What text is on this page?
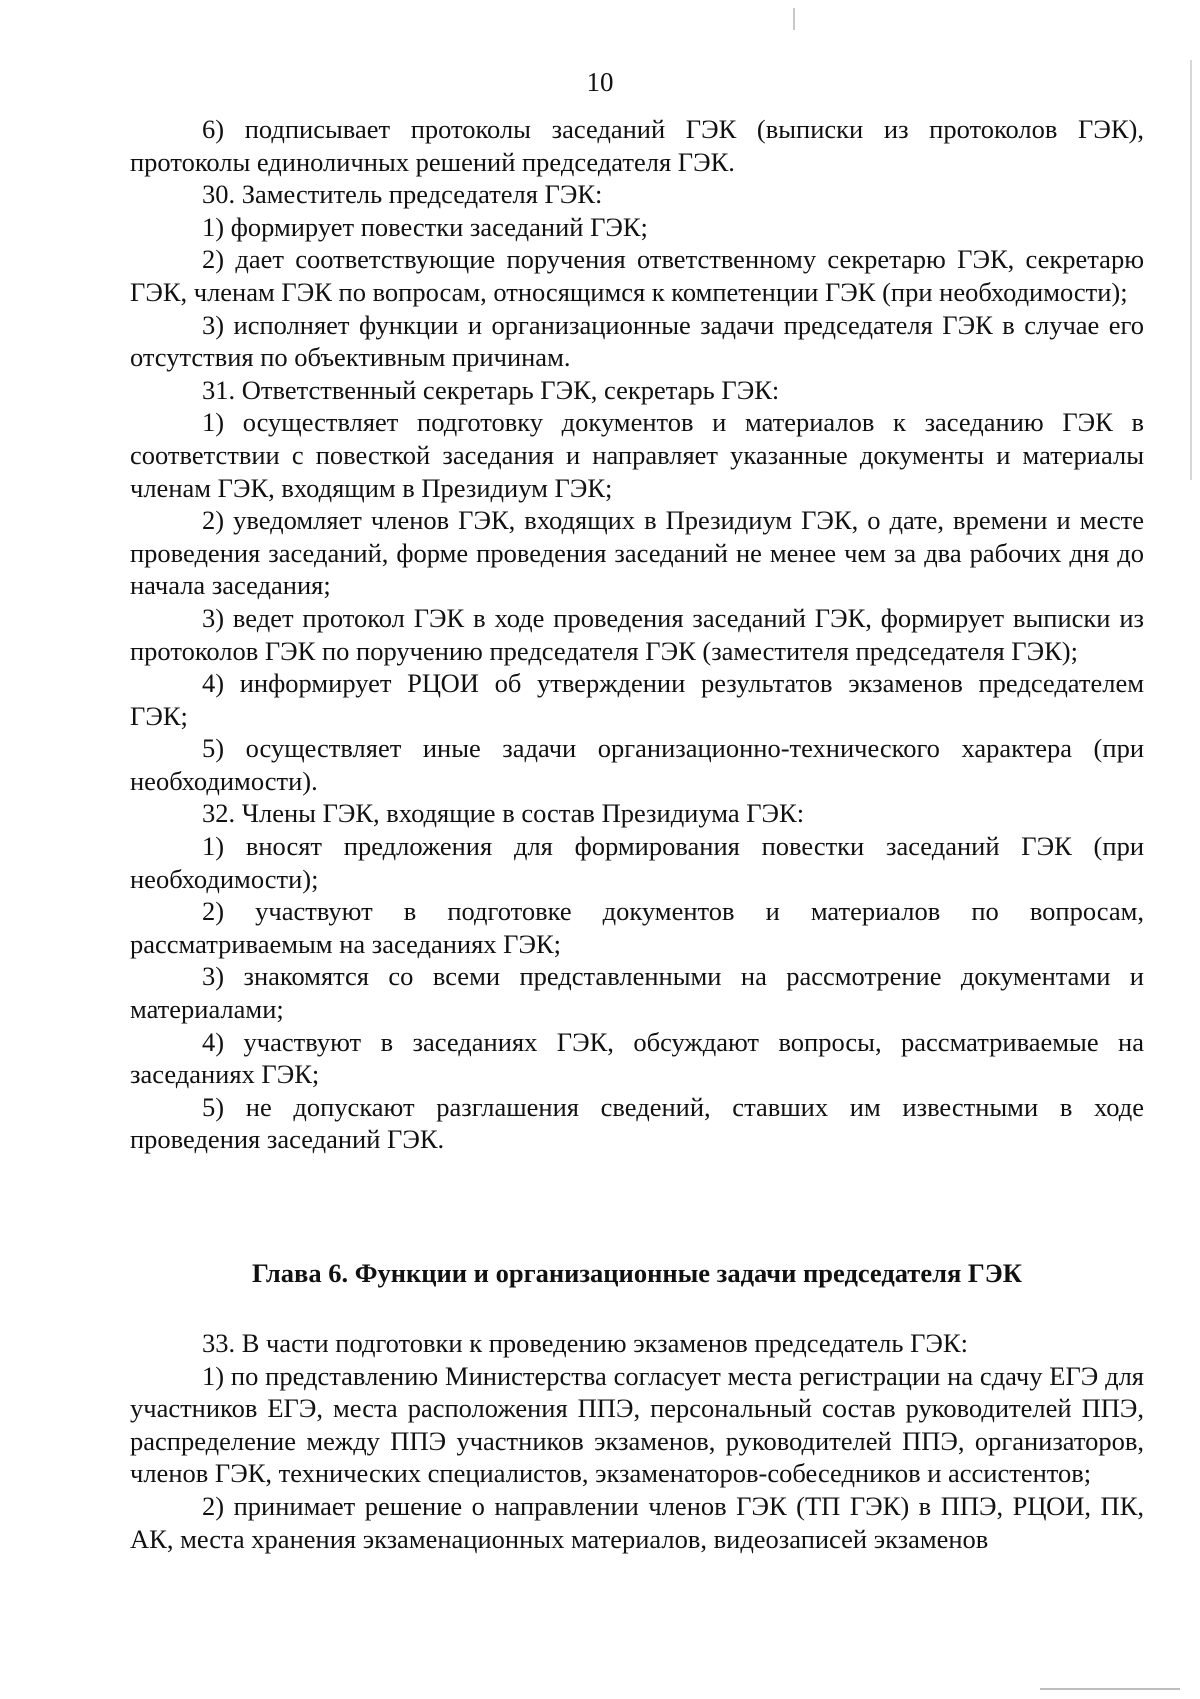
10

6) подписывает протоколы заседаний ГЭК (выписки из протоколов ГЭК), протоколы единоличных решений председателя ГЭК.

30. Заместитель председателя ГЭК:

1) формирует повестки заседаний ГЭК;

2) дает соответствующие поручения ответственному секретарю ГЭК, секретарю ГЭК, членам ГЭК по вопросам, относящимся к компетенции ГЭК (при необходимости);

3) исполняет функции и организационные задачи председателя ГЭК в случае его отсутствия по объективным причинам.

31. Ответственный секретарь ГЭК, секретарь ГЭК:

1) осуществляет подготовку документов и материалов к заседанию ГЭК в соответствии с повесткой заседания и направляет указанные документы и материалы членам ГЭК, входящим в Президиум ГЭК;

2) уведомляет членов ГЭК, входящих в Президиум ГЭК, о дате, времени и месте проведения заседаний, форме проведения заседаний не менее чем за два рабочих дня до начала заседания;

3) ведет протокол ГЭК в ходе проведения заседаний ГЭК, формирует выписки из протоколов ГЭК по поручению председателя ГЭК (заместителя председателя ГЭК);

4) информирует РЦОИ об утверждении результатов экзаменов председателем ГЭК;

5) осуществляет иные задачи организационно-технического характера (при необходимости).

32. Члены ГЭК, входящие в состав Президиума ГЭК:

1) вносят предложения для формирования повестки заседаний ГЭК (при необходимости);

2) участвуют в подготовке документов и материалов по вопросам, рассматриваемым на заседаниях ГЭК;

3) знакомятся со всеми представленными на рассмотрение документами и материалами;

4) участвуют в заседаниях ГЭК, обсуждают вопросы, рассматриваемые на заседаниях ГЭК;

5) не допускают разглашения сведений, ставших им известными в ходе проведения заседаний ГЭК.

Глава 6. Функции и организационные задачи председателя ГЭК

33. В части подготовки к проведению экзаменов председатель ГЭК:

1) по представлению Министерства согласует места регистрации на сдачу ЕГЭ для участников ЕГЭ, места расположения ППЭ, персональный состав руководителей ППЭ, распределение между ППЭ участников экзаменов, руководителей ППЭ, организаторов, членов ГЭК, технических специалистов, экзаменаторов-собеседников и ассистентов;

2) принимает решение о направлении членов ГЭК (ТП ГЭК) в ППЭ, РЦОИ, ПК, АК, места хранения экзаменационных материалов, видеозаписей экзаменов
